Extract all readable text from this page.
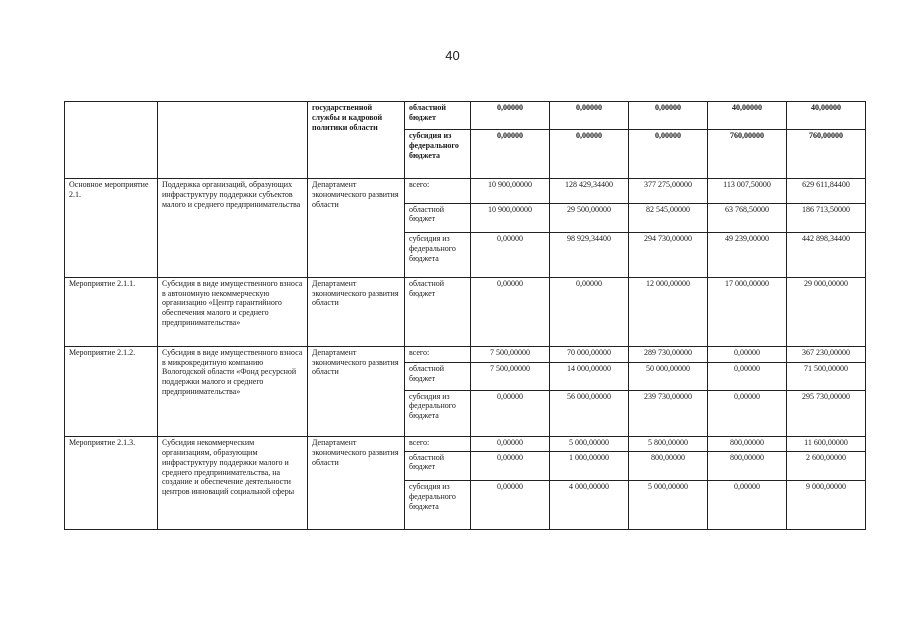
40
		государственной службы и кадровой политики области	областной бюджет	0,00000	0,00000	0,00000	40,00000	40,00000
			субсидия из федерального бюджета	0,00000	0,00000	0,00000	760,00000	760,00000
Основное мероприятие 2.1.	Поддержка организаций, образующих инфраструктуру поддержки субъектов малого и среднего предпринимательства	Департамент экономического развития области	всего:	10 900,00000	128 429,34400	377 275,00000	113 007,50000	629 611,84400
			областной бюджет	10 900,00000	29 500,00000	82 545,00000	63 768,50000	186 713,50000
			субсидия из федерального бюджета	0,00000	98 929,34400	294 730,00000	49 239,00000	442 898,34400
Мероприятие 2.1.1.	Субсидия в виде имущественного взноса в автономную некоммерческую организацию «Центр гарантийного обеспечения малого и среднего предпринимательства»	Департамент экономического развития области	областной бюджет	0,00000	0,00000	12 000,00000	17 000,00000	29 000,00000
Мероприятие 2.1.2.	Субсидия в виде имущественного взноса в микрокредитную компанию Вологодской области «Фонд ресурсной поддержки малого и среднего предпринимательства»	Департамент экономического развития области	всего:	7 500,00000	70 000,00000	289 730,00000	0,00000	367 230,00000
			областной бюджет	7 500,00000	14 000,00000	50 000,00000	0,00000	71 500,00000
			субсидия из федерального бюджета	0,00000	56 000,00000	239 730,00000	0,00000	295 730,00000
Мероприятие 2.1.3.	Субсидия некоммерческим организациям, образующим инфраструктуру поддержки малого и среднего предпринимательства, на создание и обеспечение деятельности центров инноваций социальной сферы	Департамент экономического развития области	всего:	0,00000	5 000,00000	5 800,00000	800,00000	11 600,00000
			областной бюджет	0,00000	1 000,00000	800,00000	800,00000	2 600,00000
			субсидия из федерального бюджета	0,00000	4 000,00000	5 000,00000	0,00000	9 000,00000
